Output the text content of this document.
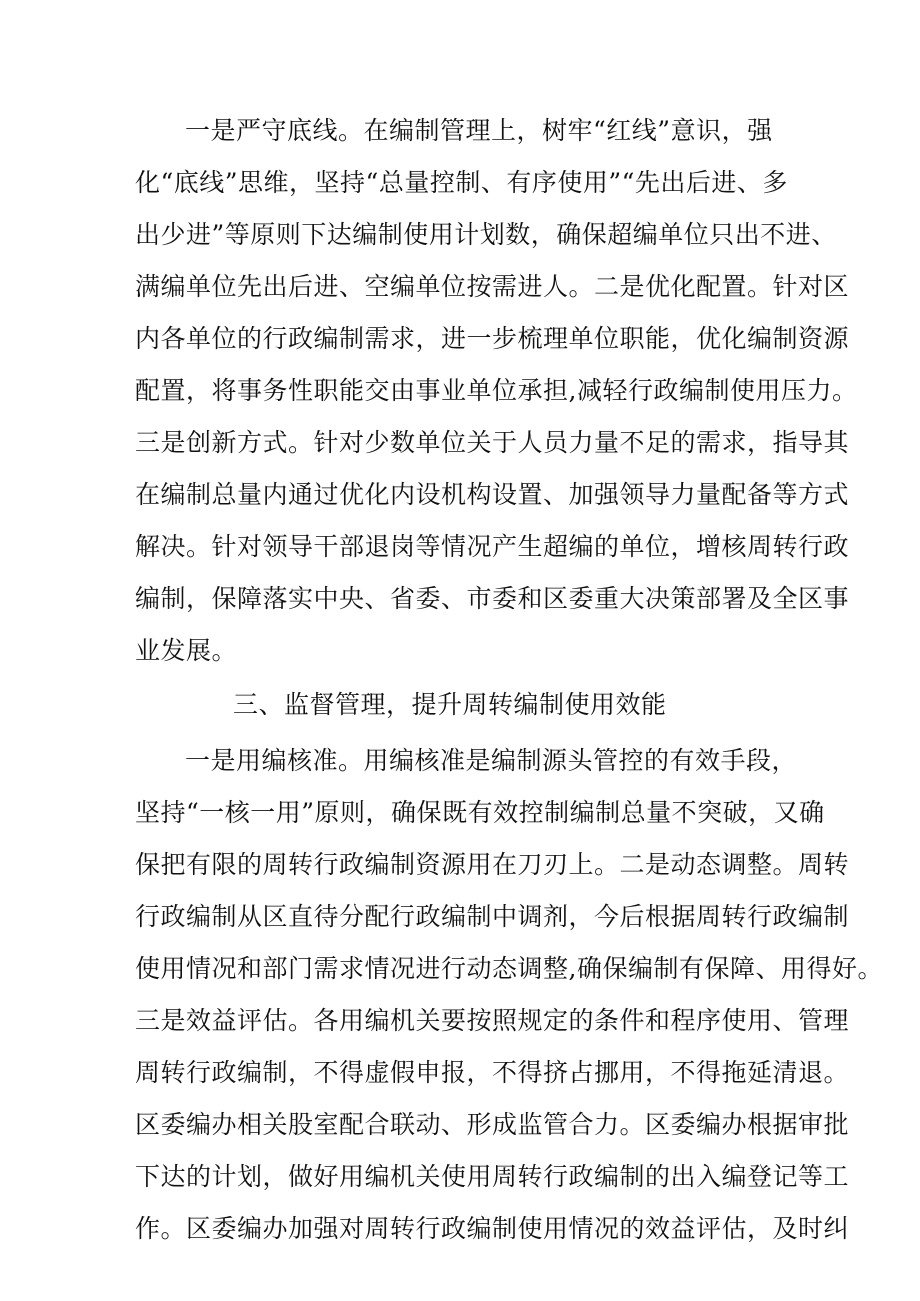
一是严守底线。在编制管理上，树牢“红线”意识，强
化“底线”思维，坚持“总量控制、有序使用”“先出后进、多
出少进”等原则下达编制使用计划数，确保超编单位只出不进、
满编单位先出后进、空编单位按需进人。二是优化配置。针对区
内各单位的行政编制需求，进一步梳理单位职能，优化编制资源
配置，将事务性职能交由事业单位承担,减轻行政编制使用压力。
三是创新方式。针对少数单位关于人员力量不足的需求，指导其
在编制总量内通过优化内设机构设置、加强领导力量配备等方式
解决。针对领导干部退岗等情况产生超编的单位，增核周转行政
编制，保障落实中央、省委、市委和区委重大决策部署及全区事
业发展。
三、监督管理，提升周转编制使用效能
一是用编核准。用编核准是编制源头管控的有效手段，
坚持“一核一用”原则，确保既有效控制编制总量不突破，又确
保把有限的周转行政编制资源用在刀刃上。二是动态调整。周转
行政编制从区直待分配行政编制中调剂，今后根据周转行政编制
使用情况和部门需求情况进行动态调整,确保编制有保障、用得好。
三是效益评估。各用编机关要按照规定的条件和程序使用、管理
周转行政编制，不得虚假申报，不得挤占挪用，不得拖延清退。
区委编办相关股室配合联动、形成监管合力。区委编办根据审批
下达的计划，做好用编机关使用周转行政编制的出入编登记等工
作。区委编办加强对周转行政编制使用情况的效益评估，及时纠
